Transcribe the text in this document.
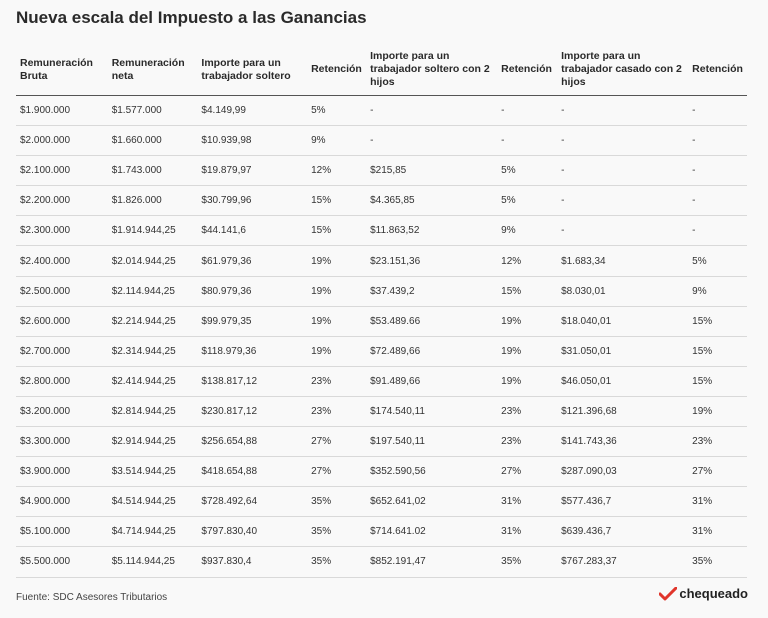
Nueva escala del Impuesto a las Ganancias
Remuneración Bruta	Remuneración neta	Importe para un trabajador soltero	Retención	Importe para un trabajador soltero con 2 hijos	Retención	Importe para un trabajador casado con 2 hijos	Retención
$1.900.000	$1.577.000	$4.149,99	5%	-	-	-	-
$2.000.000	$1.660.000	$10.939,98	9%	-	-	-	-
$2.100.000	$1.743.000	$19.879,97	12%	$215,85	5%	-	-
$2.200.000	$1.826.000	$30.799,96	15%	$4.365,85	5%	-	-
$2.300.000	$1.914.944,25	$44.141,6	15%	$11.863,52	9%	-	-
$2.400.000	$2.014.944,25	$61.979,36	19%	$23.151,36	12%	$1.683,34	5%
$2.500.000	$2.114.944,25	$80.979,36	19%	$37.439,2	15%	$8.030,01	9%
$2.600.000	$2.214.944,25	$99.979,35	19%	$53.489.66	19%	$18.040,01	15%
$2.700.000	$2.314.944,25	$118.979,36	19%	$72.489,66	19%	$31.050,01	15%
$2.800.000	$2.414.944,25	$138.817,12	23%	$91.489,66	19%	$46.050,01	15%
$3.200.000	$2.814.944,25	$230.817,12	23%	$174.540,11	23%	$121.396,68	19%
$3.300.000	$2.914.944,25	$256.654,88	27%	$197.540,11	23%	$141.743,36	23%
$3.900.000	$3.514.944,25	$418.654,88	27%	$352.590,56	27%	$287.090,03	27%
$4.900.000	$4.514.944,25	$728.492,64	35%	$652.641,02	31%	$577.436,7	31%
$5.100.000	$4.714.944,25	$797.830,40	35%	$714.641.02	31%	$639.436,7	31%
$5.500.000	$5.114.944,25	$937.830,4	35%	$852.191,47	35%	$767.283,37	35%
Fuente: SDC Asesores Tributarios	chequeado
